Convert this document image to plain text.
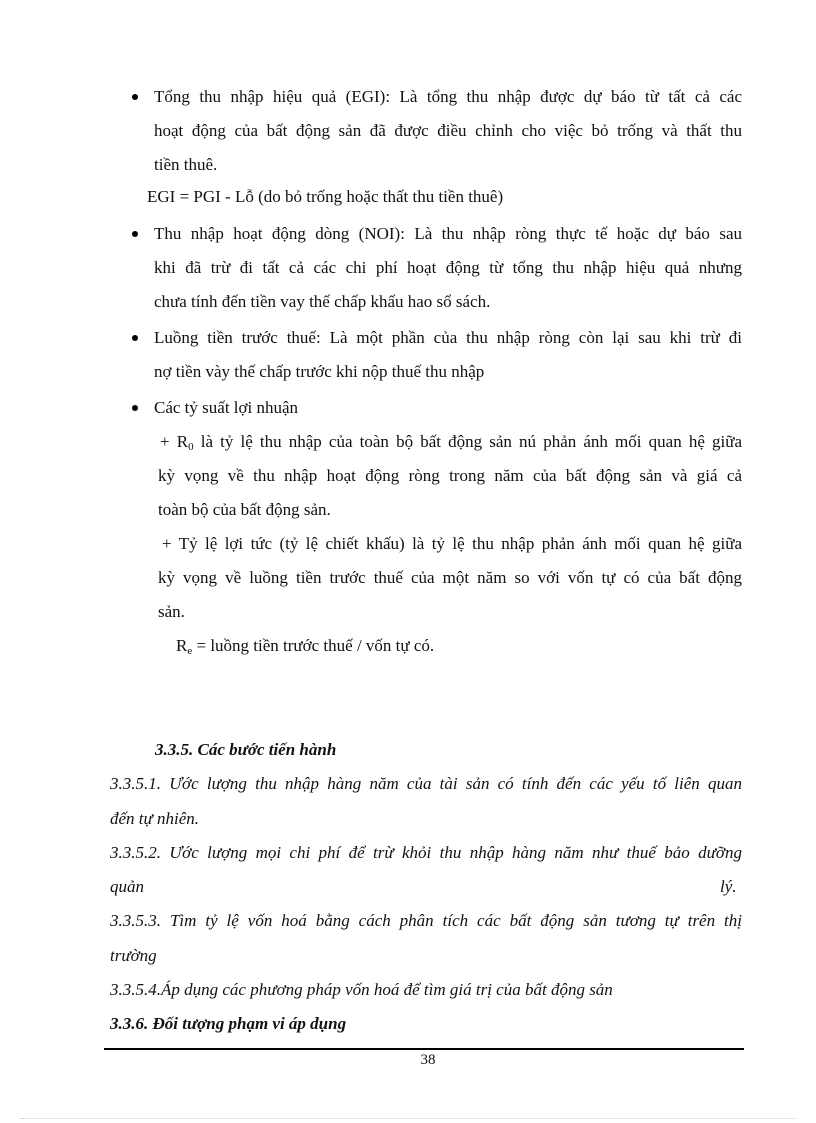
Tổng thu nhập hiệu quả (EGI): Là tổng thu nhập được dự báo từ tất cả các
hoạt động của bất động sản đã được điều chỉnh cho việc bỏ trống và thất thu
tiền thuê.
EGI = PGI - Lỗ (do bỏ trống hoặc thất thu tiền thuê)
Thu nhập hoạt động dòng (NOI): Là thu nhập ròng thực tế hoặc dự báo sau
khi đã trừ đi tất cả các chi phí hoạt động từ tổng thu nhập hiệu quả nhưng
chưa tính đến tiền vay thế chấp khấu hao sổ sách.
Luồng tiền trước thuế: Là một phần của thu nhập ròng còn lại sau khi trừ đi
nợ tiền vày thế chấp trước khi nộp thuế thu nhập
Các tỷ suất lợi nhuận
+ $R_0$ là tỷ lệ thu nhập của toàn bộ bất động sản nú phản ánh mối quan hệ giữa
kỳ vọng về thu nhập hoạt động ròng trong năm của bất động sản và giá cả
toàn bộ của bất động sản.
+ Tỷ lệ lợi tức (tỷ lệ chiết khấu) là tỷ lệ thu nhập phản ánh mối quan hệ giữa
kỳ vọng về luồng tiền trước thuế của một năm so với vốn tự có của bất động
sản.
$R_e$ = luồng tiền trước thuế / vốn tự có.
3.3.5. Các bước tiến hành
3.3.5.1. Ước lượng thu nhập hàng năm của tài sản có tính đến các yếu tố liên quan
đến tự nhiên.
3.3.5.2. Ước lượng mọi chi phí để trừ khỏi thu nhập hàng năm như thuế bảo dưỡng
quản	lý.
3.3.5.3. Tìm tỷ lệ vốn hoá bằng cách phân tích các bất động sản tương tự trên thị
trường
3.3.5.4.Áp dụng các phương pháp vốn hoá để tìm giá trị của bất động sản
3.3.6. Đối tượng phạm vi áp dụng
38
